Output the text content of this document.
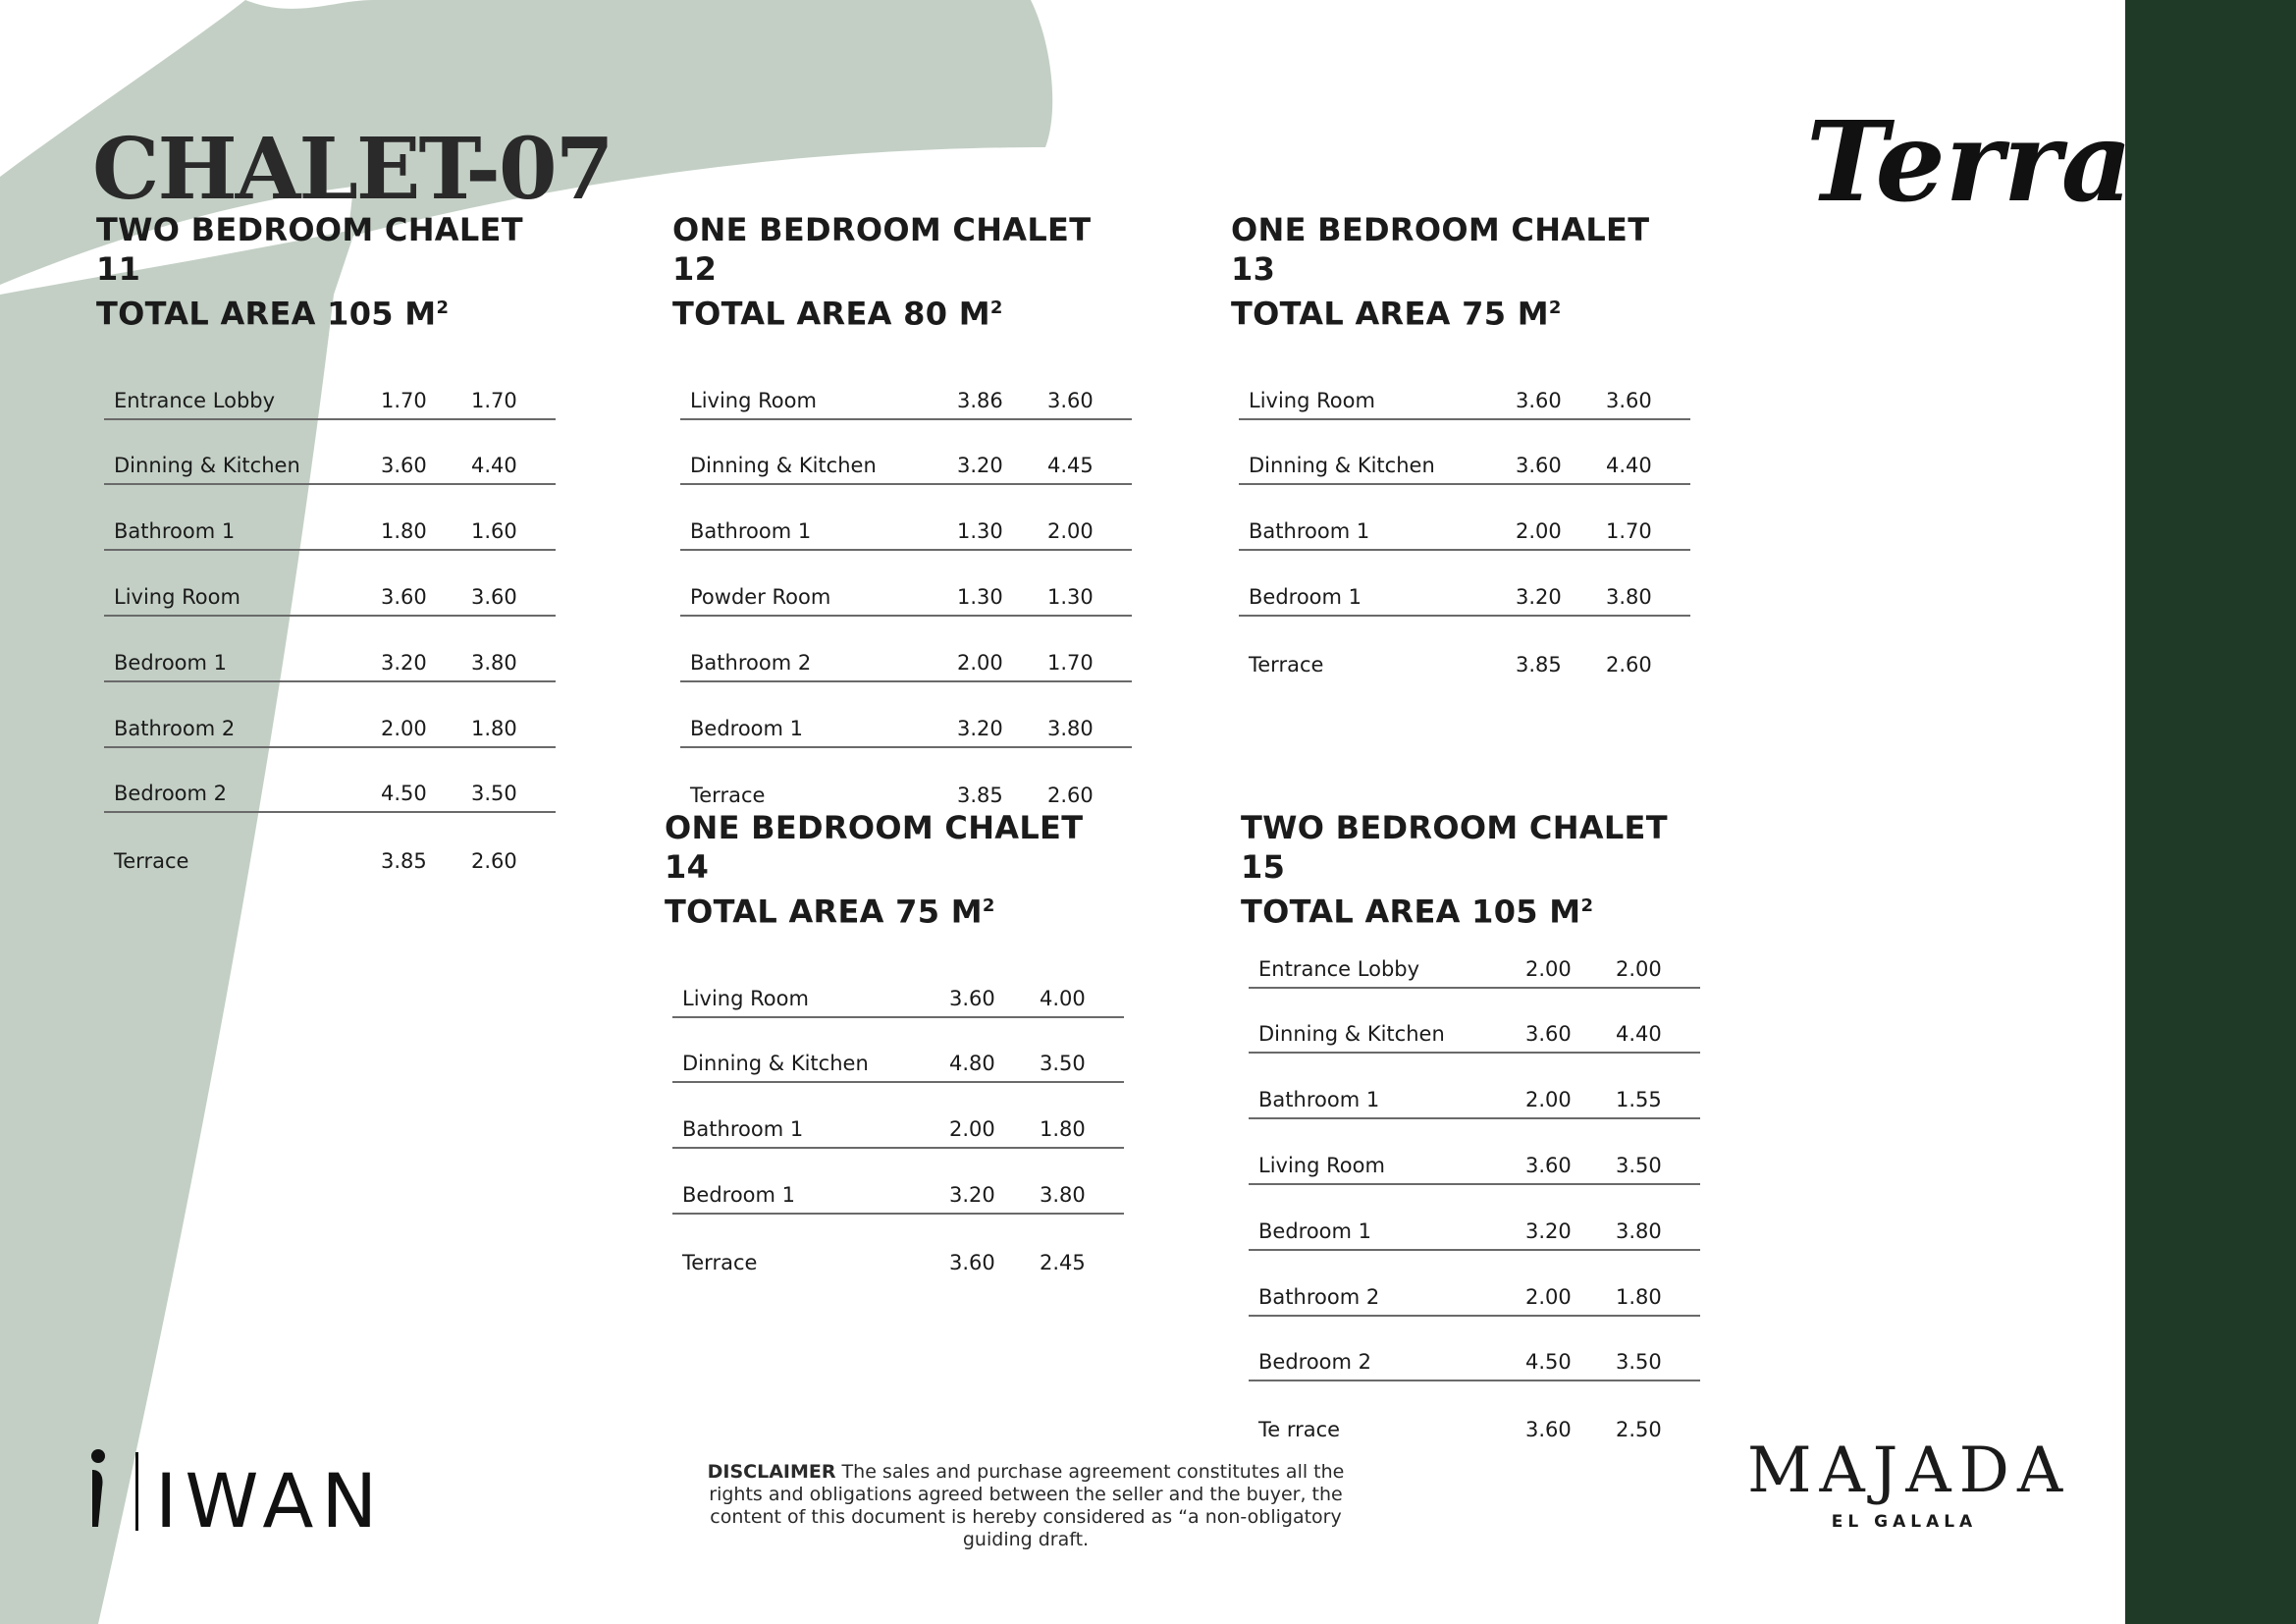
CHALET-07	Terra
TWO BEDROOM CHALET 11
TOTAL AREA 105 $M^2$
Entrance Lobby	1.70	1.70
Dinning & Kitchen	3.60	4.40
Bathroom 1	1.80	1.60
Living Room	3.60	3.60
Bedroom 1	3.20	3.80
Bathroom 2	2.00	1.80
Bedroom 2	4.50	3.50
Terrace	3.85	2.60
ONE BEDROOM CHALET 12
TOTAL AREA 80 $M^2$
Living Room	3.86	3.60
Dinning & Kitchen	3.20	4.45
Bathroom 1	1.30	2.00
Powder Room	1.30	1.30
Bathroom 2	2.00	1.70
Bedroom 1	3.20	3.80
Terrace	3.85	2.60
ONE BEDROOM CHALET 13
TOTAL AREA 75 $M^2$
Living Room	3.60	3.60
Dinning & Kitchen	3.60	4.40
Bathroom 1	2.00	1.70
Bedroom 1	3.20	3.80
Terrace	3.85	2.60
ONE BEDROOM CHALET 14
TOTAL AREA 75 $M^2$
Living Room	3.60	4.00
Dinning & Kitchen	4.80	3.50
Bathroom 1	2.00	1.80
Bedroom 1	3.20	3.80
Terrace	3.60	2.45
TWO BEDROOM CHALET 15
TOTAL AREA 105 $M^2$
Entrance Lobby	2.00	2.00
Dinning & Kitchen	3.60	4.40
Bathroom 1	2.00	1.55
Living Room	3.60	3.50
Bedroom 1	3.20	3.80
Bathroom 2	2.00	1.80
Bedroom 2	4.50	3.50
Te rrace	3.60	2.50
IWAN	DISCLAIMER The sales and purchase agreement constitutes all the rights and obligations agreed between the seller and the buyer, the content of this document is hereby considered as “a non-obligatory guiding draft.
MAJADA
EL GALALA
